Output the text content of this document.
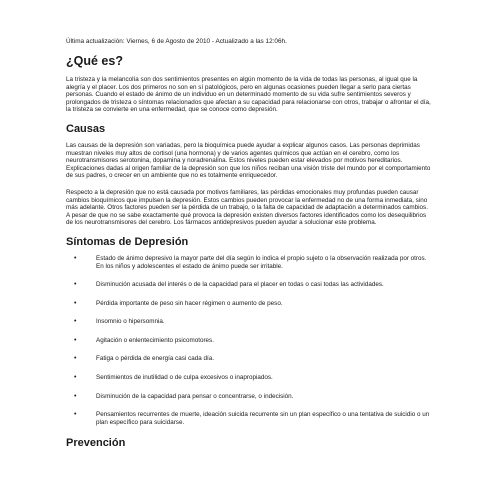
Última actualización: Viernes, 6 de Agosto de 2010 - Actualizado a las 12:06h.
¿Qué es?

La tristeza y la melancolía son dos sentimientos presentes en algún momento de la vida de todas las personas, al igual que la alegría y el placer. Los dos primeros no son en sí patológicos, pero en algunas ocasiones pueden llegar a serlo para ciertas personas. Cuando el estado de ánimo de un individuo en un determinado momento de su vida sufre sentimientos severos y prolongados de tristeza o síntomas relacionados que afectan a su capacidad para relacionarse con otros, trabajar o afrontar el día, la tristeza se convierte en una enfermedad, que se conoce como depresión.

Causas

Las causas de la depresión son variadas, pero la bioquímica puede ayudar a explicar algunos casos. Las personas deprimidas muestran niveles muy altos de cortisol (una hormona) y de varios agentes químicos que actúan en el cerebro, como los neurotransmisores serotonina, dopamina y noradrenalina. Estos niveles pueden estar elevados por motivos hereditarios. Explicaciones dadas al origen familiar de la depresión son que los niños reciban una visión triste del mundo por el comportamiento de sus padres, o crecer en un ambiente que no es totalmente enriquecedor.

Respecto a la depresión que no está causada por motivos familiares, las pérdidas emocionales muy profundas pueden causar cambios bioquímicos que impulsen la depresión. Estos cambios pueden provocar la enfermedad no de una forma inmediata, sino más adelante. Otros factores pueden ser la pérdida de un trabajo, o la falta de capacidad de adaptación a determinados cambios. A pesar de que no se sabe exactamente qué provoca la depresión existen diversos factores identificados como los desequilibrios de los neurotransmisores del cerebro. Los fármacos antidepresivos pueden ayudar a solucionar este problema.

Síntomas de Depresión
•	Estado de ánimo depresivo la mayor parte del día según lo indica el propio sujeto o la observación realizada por otros. En los niños y adolescentes el estado de ánimo puede ser irritable.
•	Disminución acusada del interés o de la capacidad para el placer en todas o casi todas las actividades.
•	Pérdida importante de peso sin hacer régimen o aumento de peso.
•	Insomnio o hipersomnia.
•	Agitación o enlentecimiento psicomotores.
•	Fatiga o pérdida de energía casi cada día.
•	Sentimientos de inutilidad o de culpa excesivos o inapropiados.
•	Disminución de la capacidad para pensar o concentrarse, o indecisión.
•	Pensamientos recurrentes de muerte, ideación suicida recurrente sin un plan específico o una tentativa de suicidio o un plan específico para suicidarse.
Prevención
